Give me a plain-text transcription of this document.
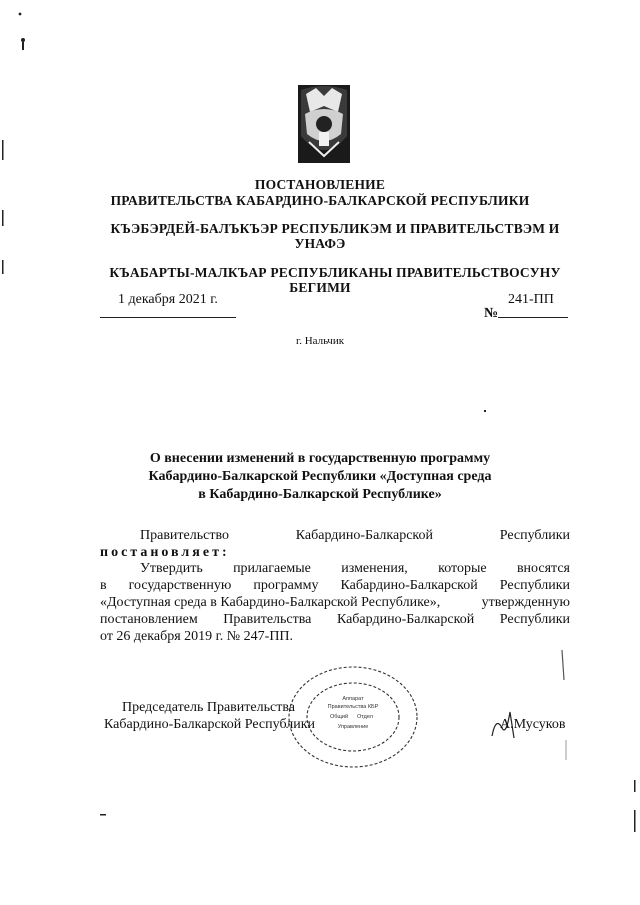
ПОСТАНОВЛЕНИЕ
ПРАВИТЕЛЬСТВА КАБАРДИНО-БАЛКАРСКОЙ РЕСПУБЛИКИ
КЪЭБЭРДЕЙ-БАЛЪКЪЭР РЕСПУБЛИКЭМ И ПРАВИТЕЛЬСТВЭМ И
УНАФЭ
КЪАБАРТЫ-МАЛКЪАР РЕСПУБЛИКАНЫ ПРАВИТЕЛЬСТВОСУНУ
БЕГИМИ
1 декабря 2021 г.
№
241-ПП
г. Нальчик
О внесении изменений в государственную программу
Кабардино-Балкарской Республики «Доступная среда
в Кабардино-Балкарской Республике»
Правительство	Кабардино-Балкарской	Республики
постановляет:
Утвердить прилагаемые изменения, которые вносятся
в государственную программу Кабардино-Балкарской Республики
«Доступная среда в Кабардино-Балкарской Республике»,	утвержденную
постановлением Правительства Кабардино-Балкарской Республики
от 26 декабря 2019 г. № 247-ПП.
Аппарат
Правительства КБР
Общий Отдел
Управление
Председатель Правительства
Кабардино-Балкарской Республики	А.Мусуков
